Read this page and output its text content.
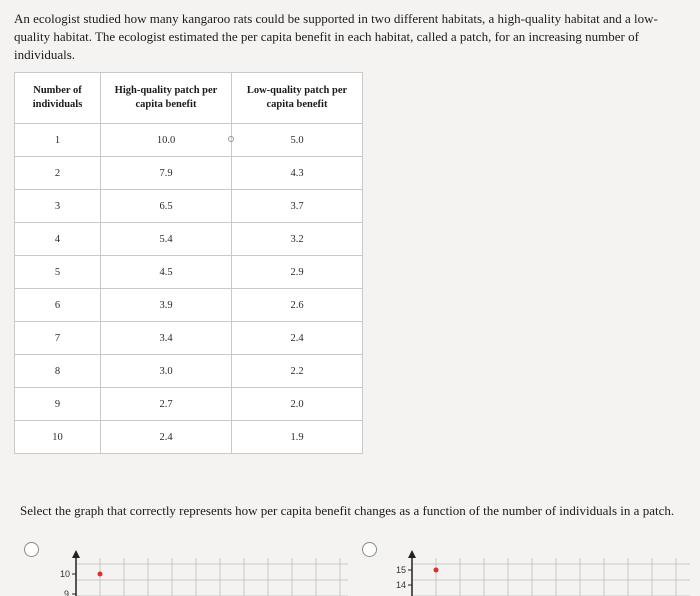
An ecologist studied how many kangaroo rats could be supported in two different habitats, a high-quality habitat and a low-quality habitat. The ecologist estimated the per capita benefit in each habitat, called a patch, for an increasing number of individuals.

Number of individuals	High-quality patch per capita benefit	Low-quality patch per capita benefit
1	10.0	5.0
2	7.9	4.3
3	6.5	3.7
4	5.4	3.2
5	4.5	2.9
6	3.9	2.6
7	3.4	2.4
8	3.0	2.2
9	2.7	2.0
10	2.4	1.9

Select the graph that correctly represents how per capita benefit changes as a function of the number of individuals in a patch.

10
9
15
14
